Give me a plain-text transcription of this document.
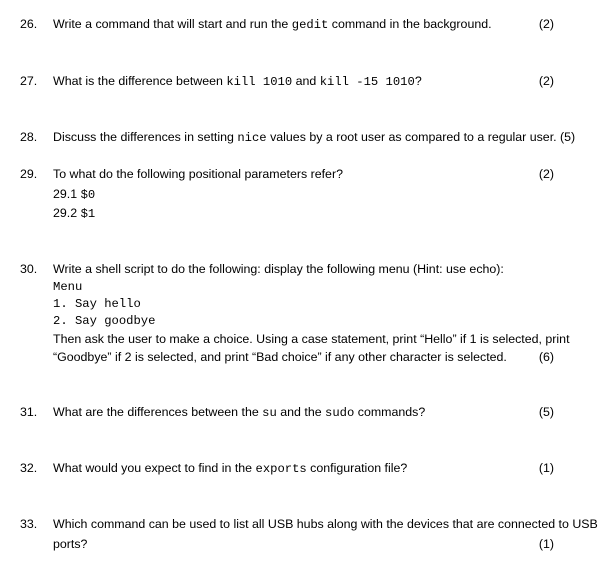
26. Write a command that will start and run the gedit command in the background.	(2)
27. What is the difference between kill 1010 and kill -15 1010?	(2)
28. Discuss the differences in setting nice values by a root user as compared to a regular user. (5)
29. To what do the following positional parameters refer?	(2)
29.1 $0
29.2 $1
30. Write a shell script to do the following: display the following menu (Hint: use echo):
Menu
1. Say hello
2. Say goodbye
Then ask the user to make a choice. Using a case statement, print “Hello” if 1 is selected, print
“Goodbye” if 2 is selected, and print “Bad choice” if any other character is selected.	(6)
31. What are the differences between the su and the sudo commands?	(5)
32. What would you expect to find in the exports configuration file?	(1)
33. Which command can be used to list all USB hubs along with the devices that are connected to USB
ports?	(1)
